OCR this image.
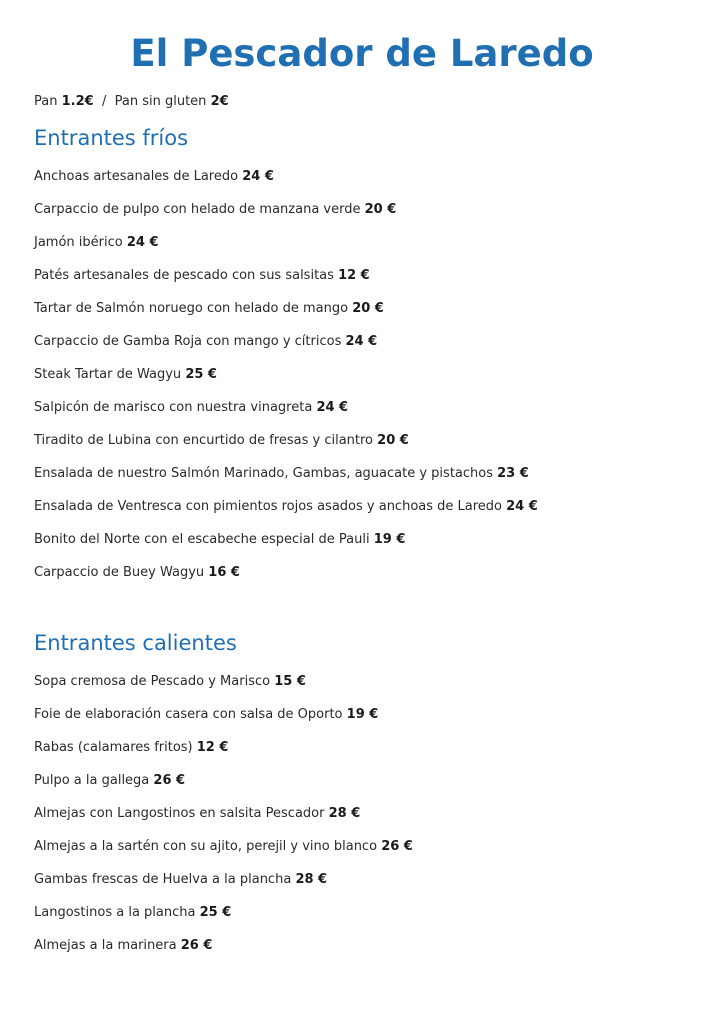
El Pescador de Laredo
Pan 1.2€  /  Pan sin gluten 2€
Entrantes fríos
Anchoas artesanales de Laredo 24 €
Carpaccio de pulpo con helado de manzana verde 20 €
Jamón ibérico 24 €
Patés artesanales de pescado con sus salsitas 12 €
Tartar de Salmón noruego con helado de mango 20 €
Carpaccio de Gamba Roja con mango y cítricos 24 €
Steak Tartar de Wagyu 25 €
Salpicón de marisco con nuestra vinagreta 24 €
Tiradito de Lubina con encurtido de fresas y cilantro 20 €
Ensalada de nuestro Salmón Marinado, Gambas, aguacate y pistachos 23 €
Ensalada de Ventresca con pimientos rojos asados y anchoas de Laredo 24 €
Bonito del Norte con el escabeche especial de Pauli 19 €
Carpaccio de Buey Wagyu 16 €
Entrantes calientes
Sopa cremosa de Pescado y Marisco 15 €
Foie de elaboración casera con salsa de Oporto 19 €
Rabas (calamares fritos) 12 €
Pulpo a la gallega 26 €
Almejas con Langostinos en salsita Pescador 28 €
Almejas a la sartén con su ajito, perejil y vino blanco 26 €
Gambas frescas de Huelva a la plancha 28 €
Langostinos a la plancha 25 €
Almejas a la marinera 26 €
